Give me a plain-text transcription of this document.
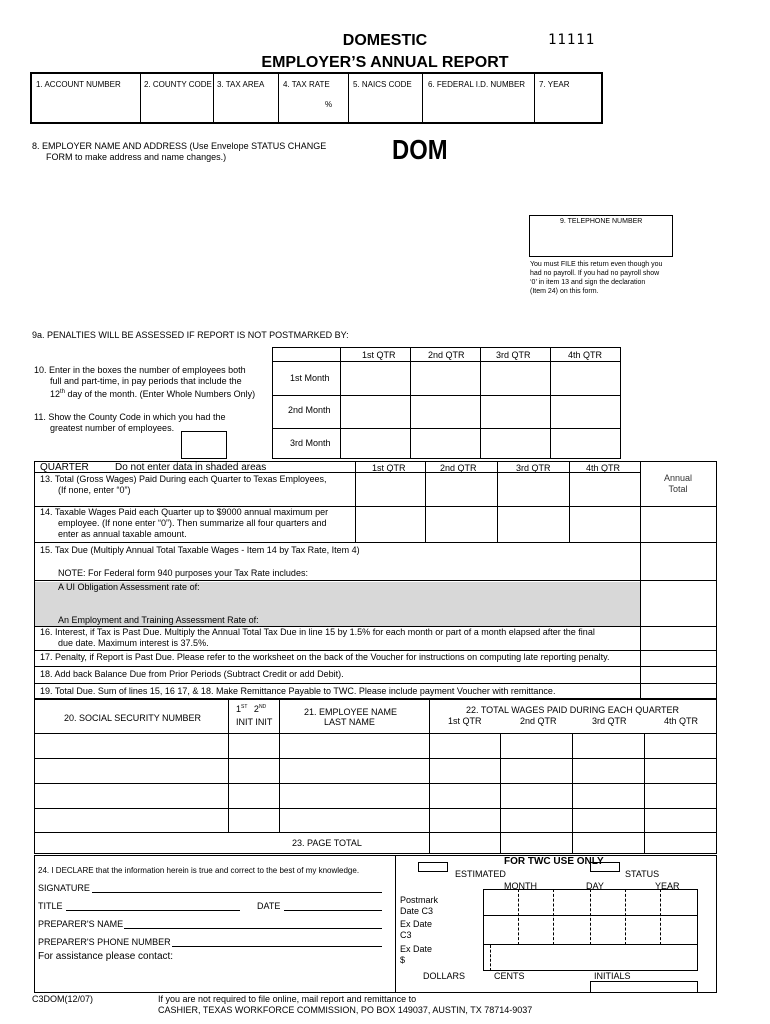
DOMESTIC
EMPLOYER’S ANNUAL REPORT
11111
1. ACCOUNT NUMBER	2. COUNTY CODE 3. TAX AREA 4. TAX RATE
%
5. NAICS CODE 6. FEDERAL I.D. NUMBER 7. YEAR
8. EMPLOYER NAME AND ADDRESS (Use Envelope STATUS CHANGE
FORM to make address and name changes.)	DOM
9. TELEPHONE NUMBER
You must FILE this return even though you
had no payroll. If you had no payroll show
‘0’ in item 13 and sign the declaration
(Item 24) on this form.
9a. PENALTIES WILL BE ASSESSED IF REPORT IS NOT POSTMARKED BY:
1st QTR	2nd QTR	3rd QTR	4th QTR
1st Month
2nd Month
3rd Month
10. Enter in the boxes the number of employees both
full and part-time, in pay periods that include the
12th day of the month. (Enter Whole Numbers Only)
11. Show the County Code in which you had the
greatest number of employees.
QUARTER	Do not enter data in shaded areas	1st QTR	2nd QTR	3rd QTR	4th QTR
Annual
Total
13. Total (Gross Wages) Paid During each Quarter to Texas Employees,
(If none, enter “0”)
14. Taxable Wages Paid each Quarter up to $9000 annual maximum per
employee. (If none enter “0”). Then summarize all four quarters and
enter as annual taxable amount.
15. Tax Due (Multiply Annual Total Taxable Wages - Item 14 by Tax Rate, Item 4)
NOTE: For Federal form 940 purposes your Tax Rate includes:
A UI Obligation Assessment rate of:
An Employment and Training Assessment Rate of:
16. Interest, if Tax is Past Due. Multiply the Annual Total Tax Due in line 15 by 1.5% for each month or part of a month elapsed after the final
due date. Maximum interest is 37.5%.
17. Penalty, if Report is Past Due. Please refer to the worksheet on the back of the Voucher for instructions on computing late reporting penalty.
18. Add back Balance Due from Prior Periods (Subtract Credit or add Debit).
19. Total Due. Sum of lines 15, 16 17, & 18. Make Remittance Payable to TWC. Please include payment Voucher with remittance.
20. SOCIAL SECURITY NUMBER
1ST 2ND
INIT INIT
21. EMPLOYEE NAME
LAST NAME
22. TOTAL WAGES PAID DURING EACH QUARTER
1st QTR	2nd QTR	3rd QTR	4th QTR
23. PAGE TOTAL
24. I DECLARE that the information herein is true and correct to the best of my knowledge.
SIGNATURE
TITLE	DATE
PREPARER'S NAME
PREPARER'S PHONE NUMBER
For assistance please contact:
FOR TWC USE ONLY
ESTIMATED	STATUS
MONTH	DAY	YEAR
Postmark
Date C3
Ex Date
C3
Ex Date
$
DOLLARS	CENTS	INITIALS
C3DOM(12/07)	If you are not required to file online, mail report and remittance to
CASHIER, TEXAS WORKFORCE COMMISSION, PO BOX 149037, AUSTIN, TX 78714-9037
